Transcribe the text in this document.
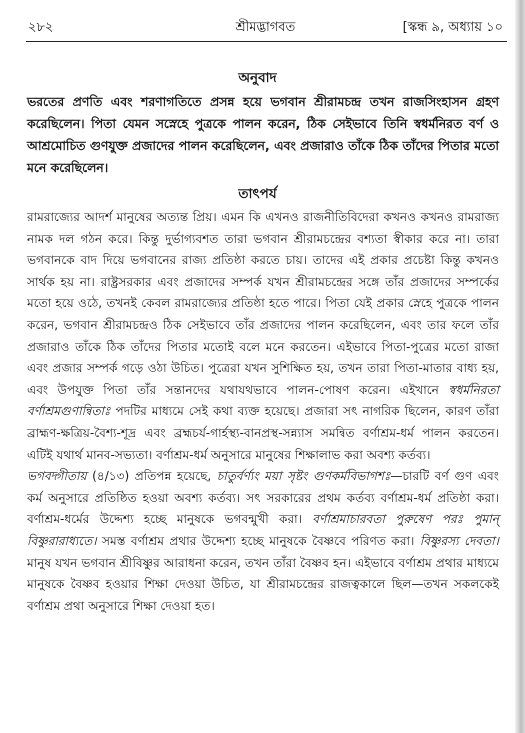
২৮২	শ্রীমদ্ভাগবত	[স্কন্ধ ৯, অধ্যায় ১০
অনুবাদ

ভরতের প্রণতি এবং শরণাগতিতে প্রসন্ন হয়ে ভগবান শ্রীরামচন্দ্র তখন রাজসিংহাসন গ্রহণ করেছিলেন। পিতা যেমন সস্নেহে পুত্রকে পালন করেন, ঠিক সেইভাবে তিনি স্বধর্মনিরত বর্ণ ও আশ্রমোচিত গুণযুক্ত প্রজাদের পালন করেছিলেন, এবং প্রজারাও তাঁকে ঠিক তাঁদের পিতার মতো মনে করেছিলেন।

তাৎপর্য

রামরাজ্যের আদর্শ মানুষের অত্যন্ত প্রিয়। এমন কি এখনও রাজনীতিবিদেরা কখনও কখনও রামরাজ্য নামক দল গঠন করে। কিন্তু দুর্ভাগ্যবশত তারা ভগবান শ্রীরামচন্দ্রের বশ্যতা স্বীকার করে না। তারা ভগবানকে বাদ দিয়ে ভগবানের রাজ্য প্রতিষ্ঠা করতে চায়। তাদের এই প্রকার প্রচেষ্টা কিন্তু কখনও সার্থক হয় না। রাষ্ট্রসরকার এবং প্রজাদের সম্পর্ক যখন শ্রীরামচন্দ্রের সঙ্গে তাঁর প্রজাদের সম্পর্কের মতো হয়ে ওঠে, তখনই কেবল রামরাজ্যের প্রতিষ্ঠা হতে পারে। পিতা যেই প্রকার স্নেহে পুত্রকে পালন করেন, ভগবান শ্রীরামচন্দ্রও ঠিক সেইভাবে তাঁর প্রজাদের পালন করেছিলেন, এবং তার ফলে তাঁর প্রজারাও তাঁকে ঠিক তাঁদের পিতার মতোই বলে মনে করতেন। এইভাবে পিতা-পুত্রের মতো রাজা এবং প্রজার সম্পর্ক গড়ে ওঠা উচিত। পুত্রেরা যখন সুশিক্ষিত হয়, তখন তারা পিতা-মাতার বাধ্য হয়, এবং উপযুক্ত পিতা তাঁর সন্তানদের যথাযথভাবে পালন-পোষণ করেন। এইখানে স্বধর্মনিরতা বর্ণাশ্রমগুণান্বিতাঃ পদটির মাধ্যমে সেই কথা ব্যক্ত হয়েছে। প্রজারা সৎ নাগরিক ছিলেন, কারণ তাঁরা ব্রাহ্মণ-ক্ষত্রিয়-বৈশ্য-শূদ্র এবং ব্রহ্মচর্য-গার্হস্থ্য-বানপ্রস্থ-সন্ন্যাস সমন্বিত বর্ণাশ্রম-ধর্ম পালন করতেন। এটিই যথার্থ মানব-সভ্যতা। বর্ণাশ্রম-ধর্ম অনুসারে মানুষের শিক্ষালাভ করা অবশ্য কর্তব্য।

ভগবদ্গীতায় (৪/১৩) প্রতিপন্ন হয়েছে, চাতুর্বর্ণ্যং ময়া সৃষ্টং গুণকর্মবিভাগশঃ—চারটি বর্ণ গুণ এবং কর্ম অনুসারে প্রতিষ্ঠিত হওয়া অবশ্য কর্তব্য। সৎ সরকারের প্রথম কর্তব্য বর্ণাশ্রম-ধর্ম প্রতিষ্ঠা করা। বর্ণাশ্রম-ধর্মের উদ্দেশ্য হচ্ছে মানুষকে ভগবন্মুখী করা। বর্ণাশ্রমাচারবতা পুরুষেণ পরঃ পুমান্ বিষ্ণুরারাধ্যতে। সমস্ত বর্ণাশ্রম প্রথার উদ্দেশ্য হচ্ছে মানুষকে বৈষ্ণবে পরিণত করা। বিষ্ণুরস্য দেবতা। মানুষ যখন ভগবান শ্রীবিষ্ণুর আরাধনা করেন, তখন তাঁরা বৈষ্ণব হন। এইভাবে বর্ণাশ্রম প্রথার মাধ্যমে মানুষকে বৈষ্ণব হওয়ার শিক্ষা দেওয়া উচিত, যা শ্রীরামচন্দ্রের রাজত্বকালে ছিল—তখন সকলকেই বর্ণাশ্রম প্রথা অনুসারে শিক্ষা দেওয়া হত।
